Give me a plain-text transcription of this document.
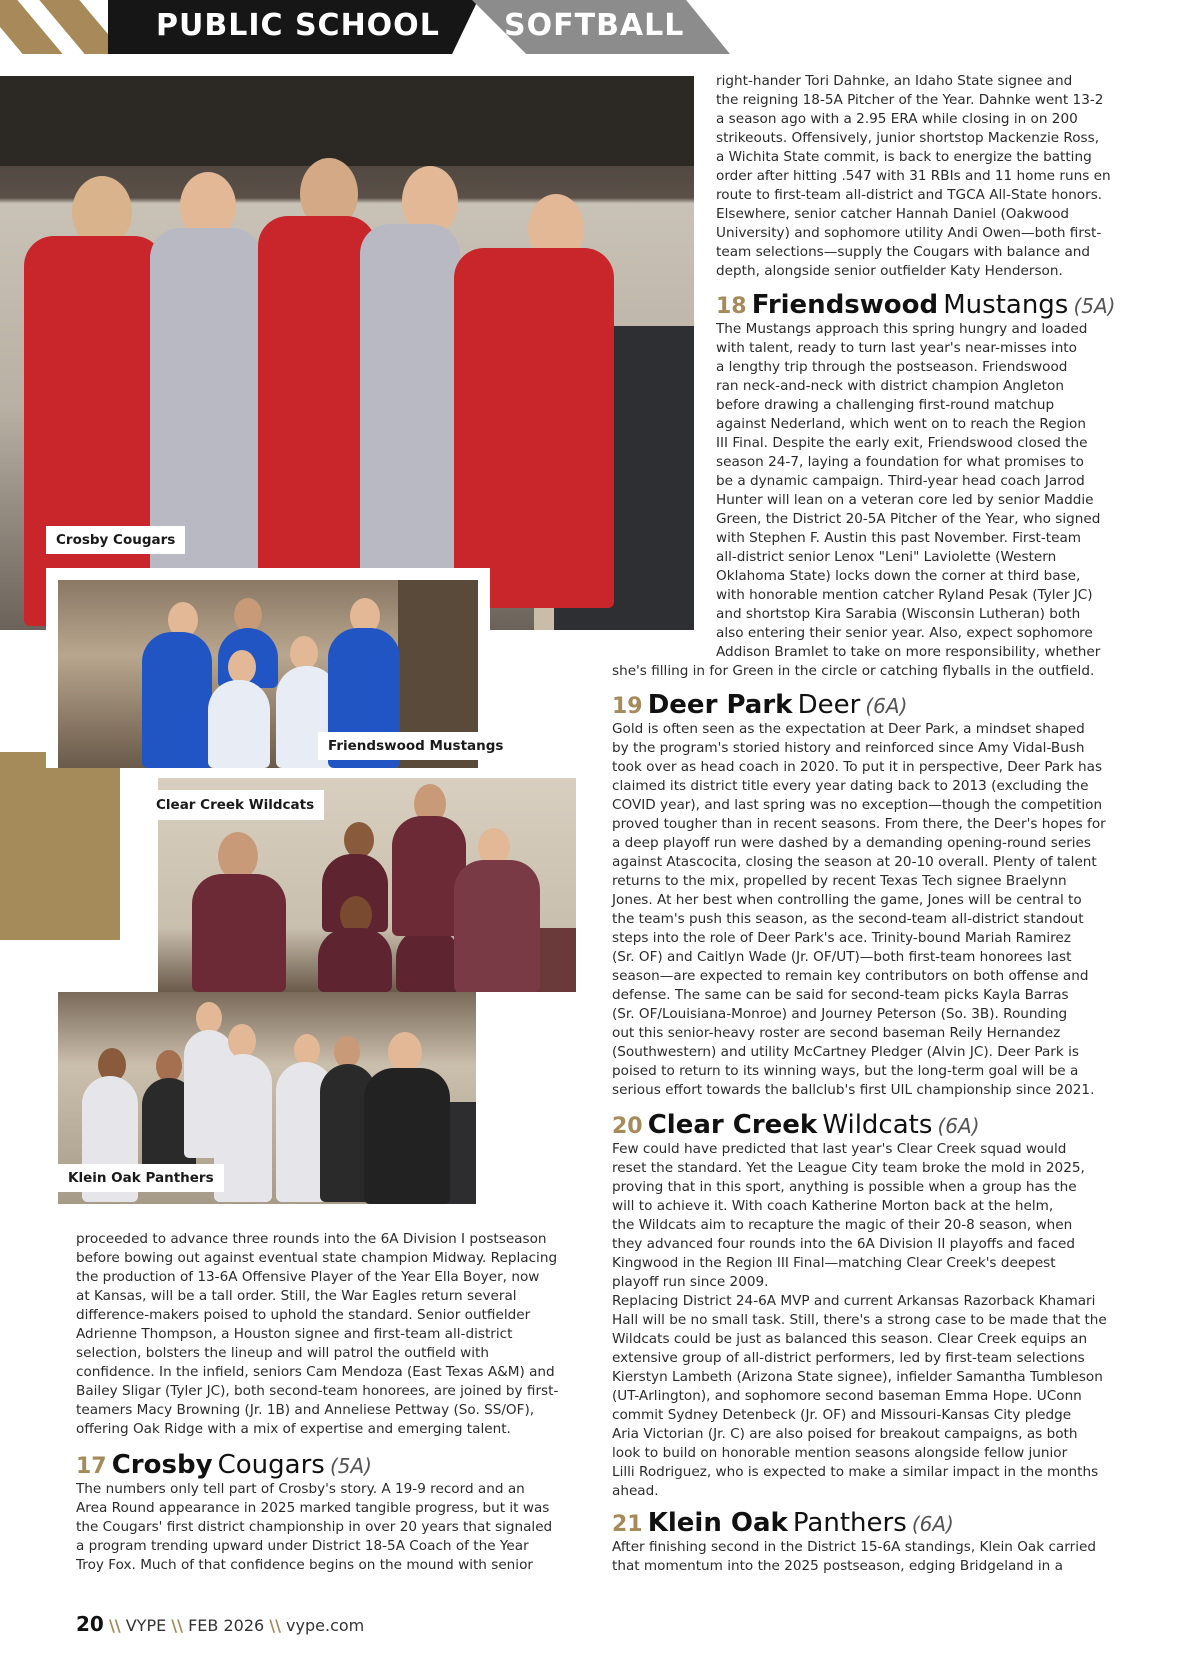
PUBLIC SCHOOL SOFTBALL
Crosby Cougars
Friendswood Mustangs
Clear Creek Wildcats
Klein Oak Panthers

right-hander Tori Dahnke, an Idaho State signee and
the reigning 18-5A Pitcher of the Year. Dahnke went 13-2
a season ago with a 2.95 ERA while closing in on 200
strikeouts. Offensively, junior shortstop Mackenzie Ross,
a Wichita State commit, is back to energize the batting
order after hitting .547 with 31 RBIs and 11 home runs en
route to first-team all-district and TGCA All-State honors.
Elsewhere, senior catcher Hannah Daniel (Oakwood
University) and sophomore utility Andi Owen—both first-
team selections—supply the Cougars with balance and
depth, alongside senior outfielder Katy Henderson.

18 Friendswood Mustangs (5A)

The Mustangs approach this spring hungry and loaded
with talent, ready to turn last year's near-misses into
a lengthy trip through the postseason. Friendswood
ran neck-and-neck with district champion Angleton
before drawing a challenging first-round matchup
against Nederland, which went on to reach the Region
III Final. Despite the early exit, Friendswood closed the
season 24-7, laying a foundation for what promises to
be a dynamic campaign. Third-year head coach Jarrod
Hunter will lean on a veteran core led by senior Maddie
Green, the District 20-5A Pitcher of the Year, who signed
with Stephen F. Austin this past November. First-team
all-district senior Lenox "Leni" Laviolette (Western
Oklahoma State) locks down the corner at third base,
with honorable mention catcher Ryland Pesak (Tyler JC)
and shortstop Kira Sarabia (Wisconsin Lutheran) both
also entering their senior year. Also, expect sophomore
Addison Bramlet to take on more responsibility, whether

she's filling in for Green in the circle or catching flyballs in the outfield.

19 Deer Park Deer (6A)

Gold is often seen as the expectation at Deer Park, a mindset shaped
by the program's storied history and reinforced since Amy Vidal-Bush
took over as head coach in 2020. To put it in perspective, Deer Park has
claimed its district title every year dating back to 2013 (excluding the
COVID year), and last spring was no exception—though the competition
proved tougher than in recent seasons. From there, the Deer's hopes for
a deep playoff run were dashed by a demanding opening-round series
against Atascocita, closing the season at 20-10 overall. Plenty of talent
returns to the mix, propelled by recent Texas Tech signee Braelynn
Jones. At her best when controlling the game, Jones will be central to
the team's push this season, as the second-team all-district standout
steps into the role of Deer Park's ace. Trinity-bound Mariah Ramirez
(Sr. OF) and Caitlyn Wade (Jr. OF/UT)—both first-team honorees last
season—are expected to remain key contributors on both offense and
defense. The same can be said for second-team picks Kayla Barras
(Sr. OF/Louisiana-Monroe) and Journey Peterson (So. 3B). Rounding
out this senior-heavy roster are second baseman Reily Hernandez
(Southwestern) and utility McCartney Pledger (Alvin JC). Deer Park is
poised to return to its winning ways, but the long-term goal will be a
serious effort towards the ballclub's first UIL championship since 2021.

20 Clear Creek Wildcats (6A)

Few could have predicted that last year's Clear Creek squad would
reset the standard. Yet the League City team broke the mold in 2025,
proving that in this sport, anything is possible when a group has the
will to achieve it. With coach Katherine Morton back at the helm,
the Wildcats aim to recapture the magic of their 20-8 season, when
they advanced four rounds into the 6A Division II playoffs and faced
Kingwood in the Region III Final—matching Clear Creek's deepest
playoff run since 2009.
Replacing District 24-6A MVP and current Arkansas Razorback Khamari
Hall will be no small task. Still, there's a strong case to be made that the
Wildcats could be just as balanced this season. Clear Creek equips an
extensive group of all-district performers, led by first-team selections
Kierstyn Lambeth (Arizona State signee), infielder Samantha Tumbleson
(UT-Arlington), and sophomore second baseman Emma Hope. UConn
commit Sydney Detenbeck (Jr. OF) and Missouri-Kansas City pledge
Aria Victorian (Jr. C) are also poised for breakout campaigns, as both
look to build on honorable mention seasons alongside fellow junior
Lilli Rodriguez, who is expected to make a similar impact in the months
ahead.

21 Klein Oak Panthers (6A)

After finishing second in the District 15-6A standings, Klein Oak carried
that momentum into the 2025 postseason, edging Bridgeland in a

proceeded to advance three rounds into the 6A Division I postseason
before bowing out against eventual state champion Midway. Replacing
the production of 13-6A Offensive Player of the Year Ella Boyer, now
at Kansas, will be a tall order. Still, the War Eagles return several
difference-makers poised to uphold the standard. Senior outfielder
Adrienne Thompson, a Houston signee and first-team all-district
selection, bolsters the lineup and will patrol the outfield with
confidence. In the infield, seniors Cam Mendoza (East Texas A&M) and
Bailey Sligar (Tyler JC), both second-team honorees, are joined by first-
teamers Macy Browning (Jr. 1B) and Anneliese Pettway (So. SS/OF),
offering Oak Ridge with a mix of expertise and emerging talent.

17 Crosby Cougars (5A)

The numbers only tell part of Crosby's story. A 19-9 record and an
Area Round appearance in 2025 marked tangible progress, but it was
the Cougars' first district championship in over 20 years that signaled
a program trending upward under District 18-5A Coach of the Year
Troy Fox. Much of that confidence begins on the mound with senior

20 \\ VYPE \\ FEB 2026 \\ vype.com
